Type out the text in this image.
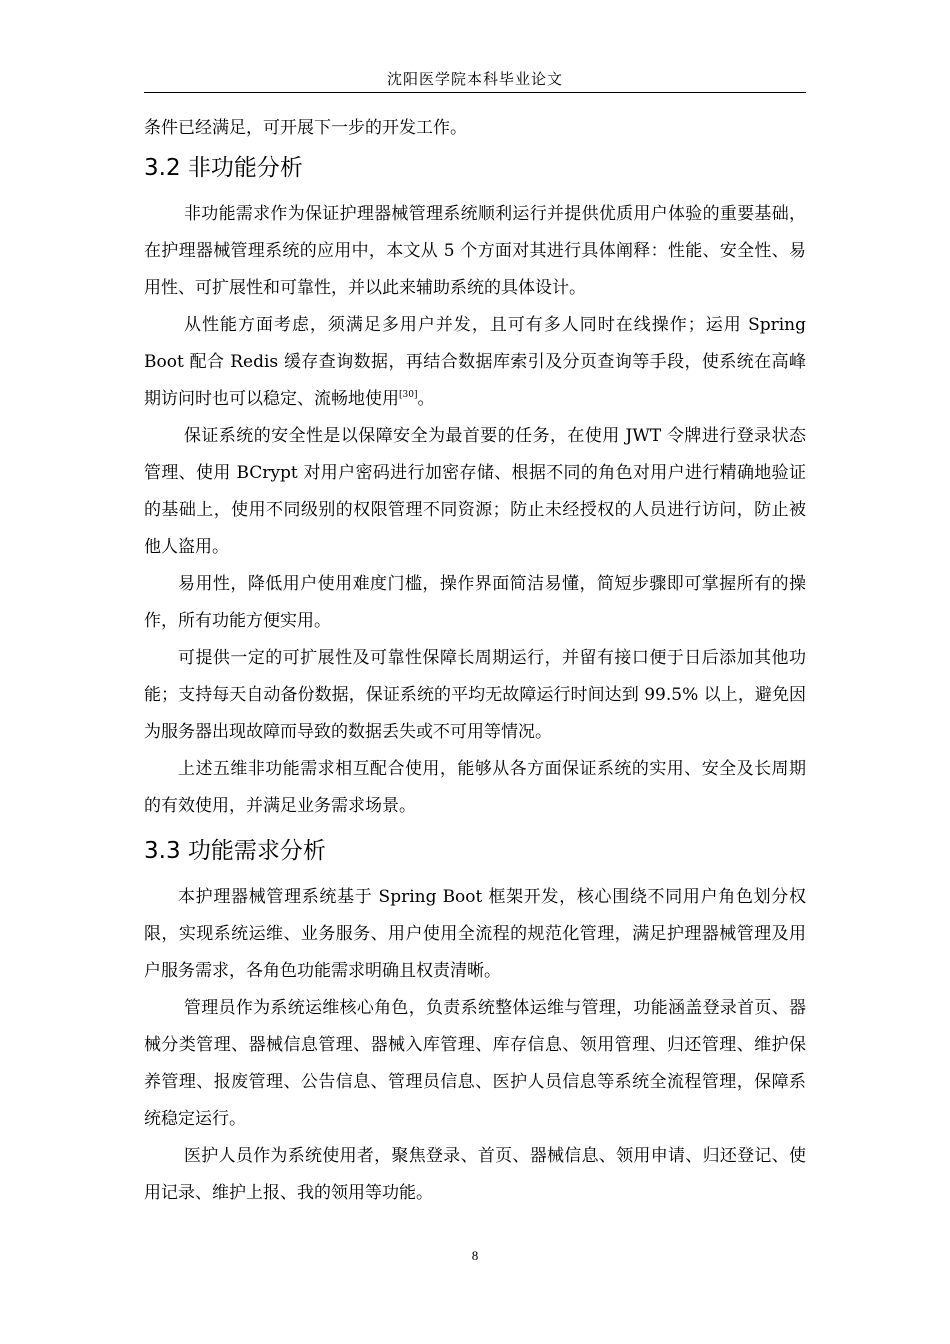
沈阳医学院本科毕业论文

条件已经满足，可开展下一步的开发工作。

3.2 非功能分析

非功能需求作为保证护理器械管理系统顺利运行并提供优质用户体验的重要基础，在护理器械管理系统的应用中，本文从 5 个方面对其进行具体阐释：性能、安全性、易用性、可扩展性和可靠性，并以此来辅助系统的具体设计。

从性能方面考虑，须满足多用户并发，且可有多人同时在线操作；运用 Spring Boot 配合 Redis 缓存查询数据，再结合数据库索引及分页查询等手段，使系统在高峰期访问时也可以稳定、流畅地使用[30]。

保证系统的安全性是以保障安全为最首要的任务，在使用 JWT 令牌进行登录状态管理、使用 BCrypt 对用户密码进行加密存储、根据不同的角色对用户进行精确地验证的基础上，使用不同级别的权限管理不同资源；防止未经授权的人员进行访问，防止被他人盗用。

易用性，降低用户使用难度门槛，操作界面简洁易懂，简短步骤即可掌握所有的操作，所有功能方便实用。

可提供一定的可扩展性及可靠性保障长周期运行，并留有接口便于日后添加其他功能；支持每天自动备份数据，保证系统的平均无故障运行时间达到 99.5% 以上，避免因为服务器出现故障而导致的数据丢失或不可用等情况。

上述五维非功能需求相互配合使用，能够从各方面保证系统的实用、安全及长周期的有效使用，并满足业务需求场景。

3.3 功能需求分析

本护理器械管理系统基于 Spring Boot 框架开发，核心围绕不同用户角色划分权限，实现系统运维、业务服务、用户使用全流程的规范化管理，满足护理器械管理及用户服务需求，各角色功能需求明确且权责清晰。

管理员作为系统运维核心角色，负责系统整体运维与管理，功能涵盖登录首页、器械分类管理、器械信息管理、器械入库管理、库存信息、领用管理、归还管理、维护保养管理、报废管理、公告信息、管理员信息、医护人员信息等系统全流程管理，保障系统稳定运行。

医护人员作为系统使用者，聚焦登录、首页、器械信息、领用申请、归还登记、使用记录、维护上报、我的领用等功能。

8
